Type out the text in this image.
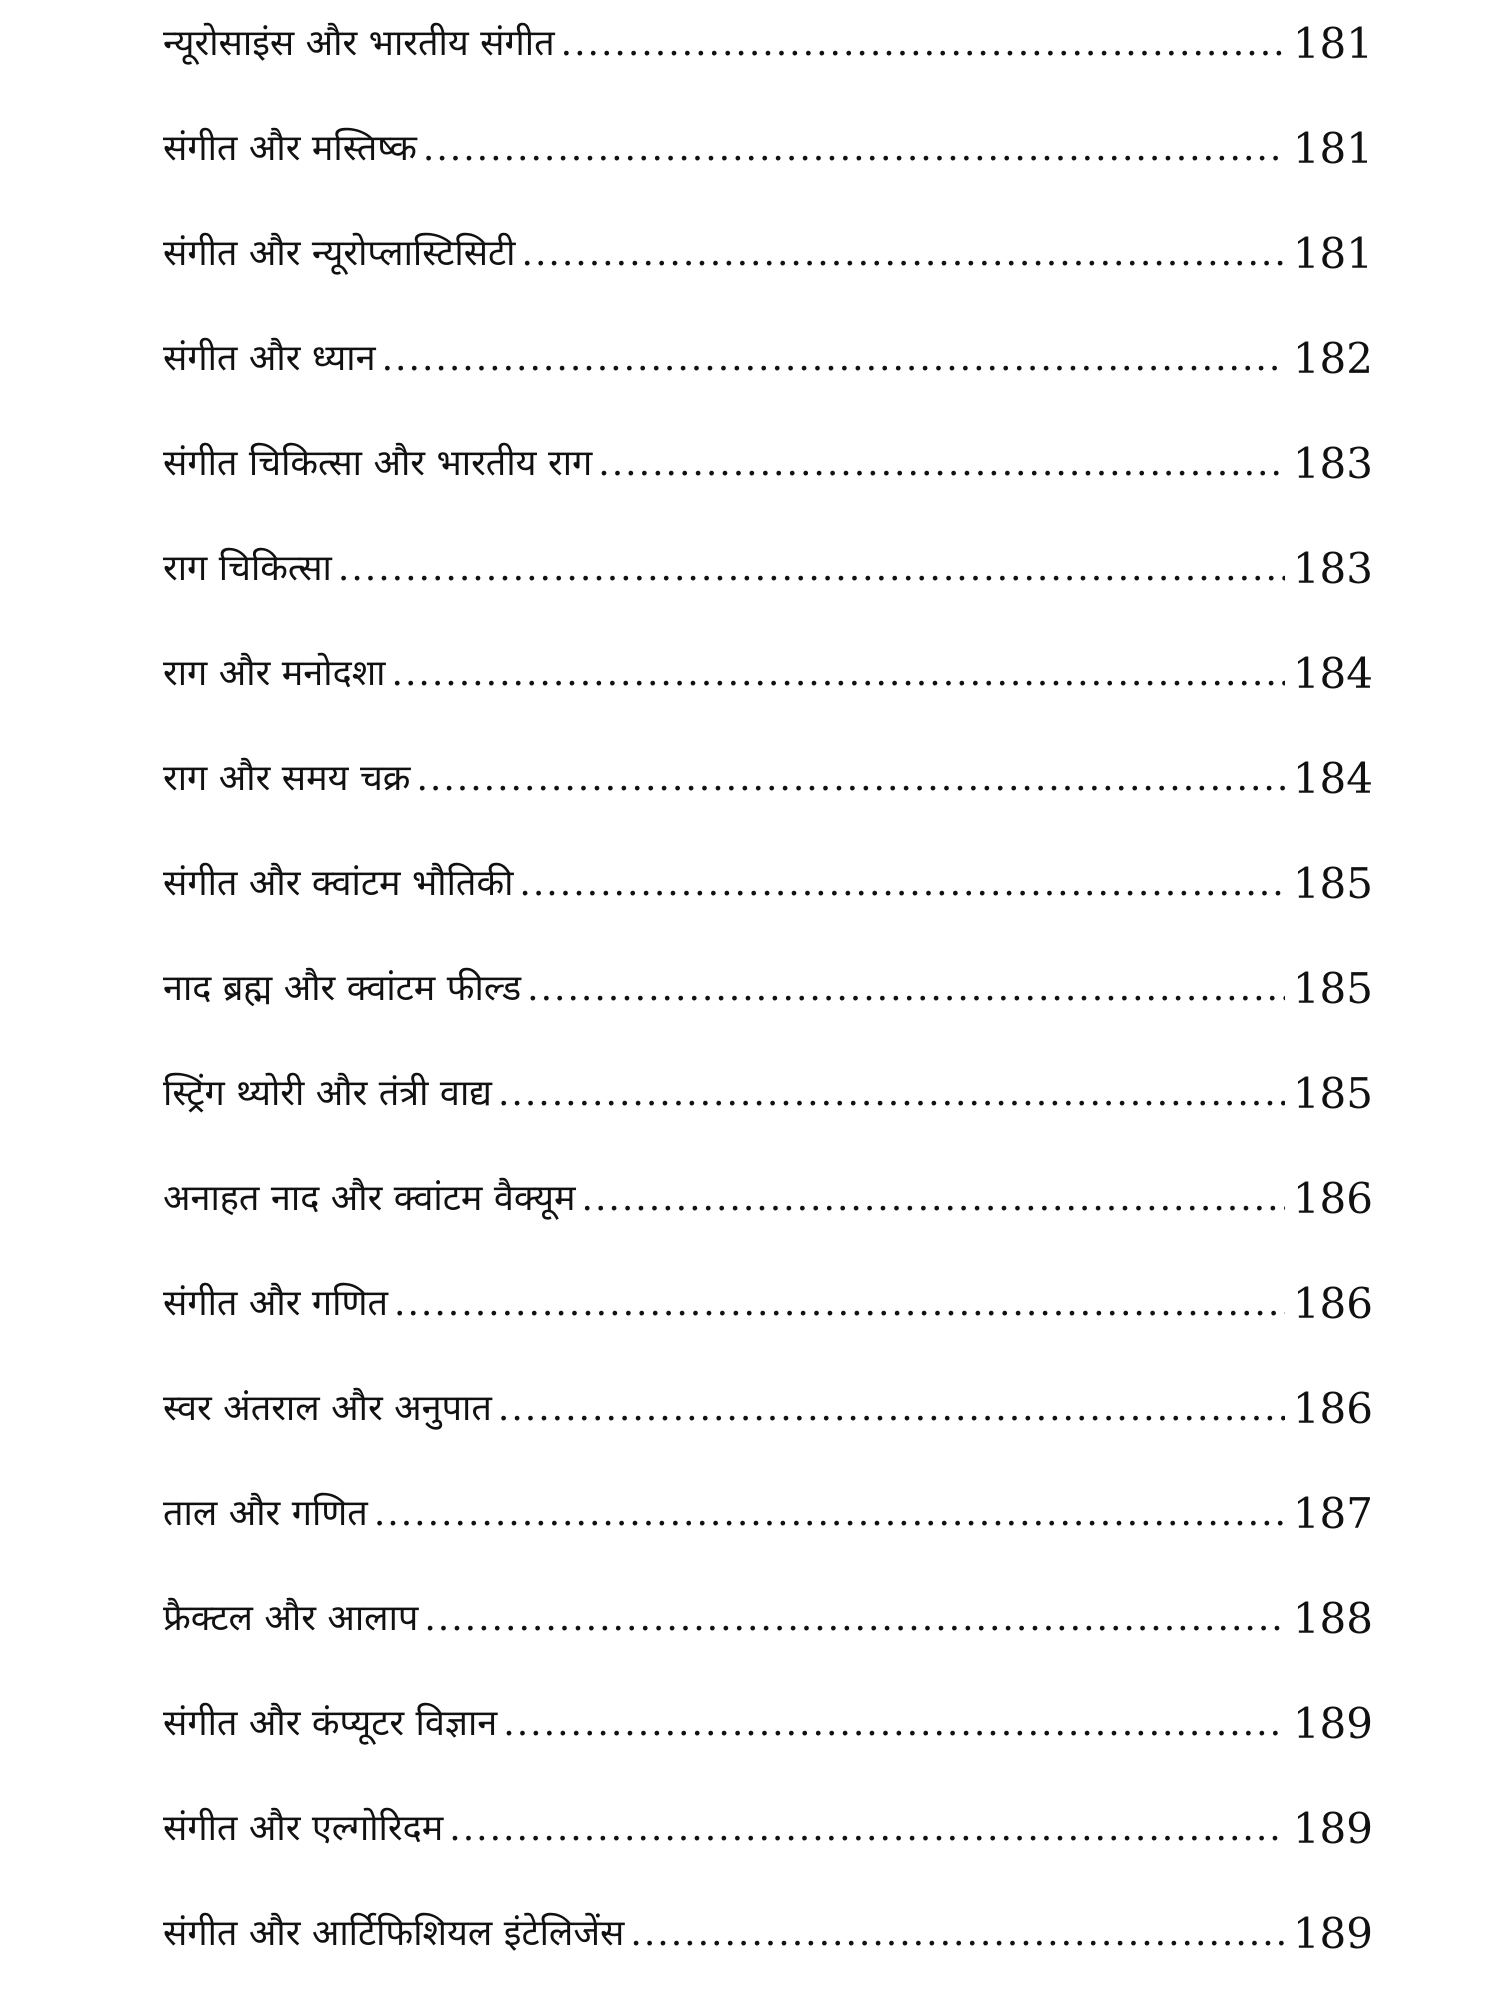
न्यूरोसाइंस और भारतीय संगीत .....	181
संगीत और मस्तिष्क .....	181
संगीत और न्यूरोप्लास्टिसिटी .....	181
संगीत और ध्यान .....	182
संगीत चिकित्सा और भारतीय राग .....	183
राग चिकित्सा .....	183
राग और मनोदशा .....	184
राग और समय चक्र .....	184
संगीत और क्वांटम भौतिकी .....	185
नाद ब्रह्म और क्वांटम फील्ड .....	185
स्ट्रिंग थ्योरी और तंत्री वाद्य .....	185
अनाहत नाद और क्वांटम वैक्यूम .....	186
संगीत और गणित .....	186
स्वर अंतराल और अनुपात .....	186
ताल और गणित .....	187
फ्रैक्टल और आलाप .....	188
संगीत और कंप्यूटर विज्ञान .....	189
संगीत और एल्गोरिदम .....	189
संगीत और आर्टिफिशियल इंटेलिजेंस .....	189
